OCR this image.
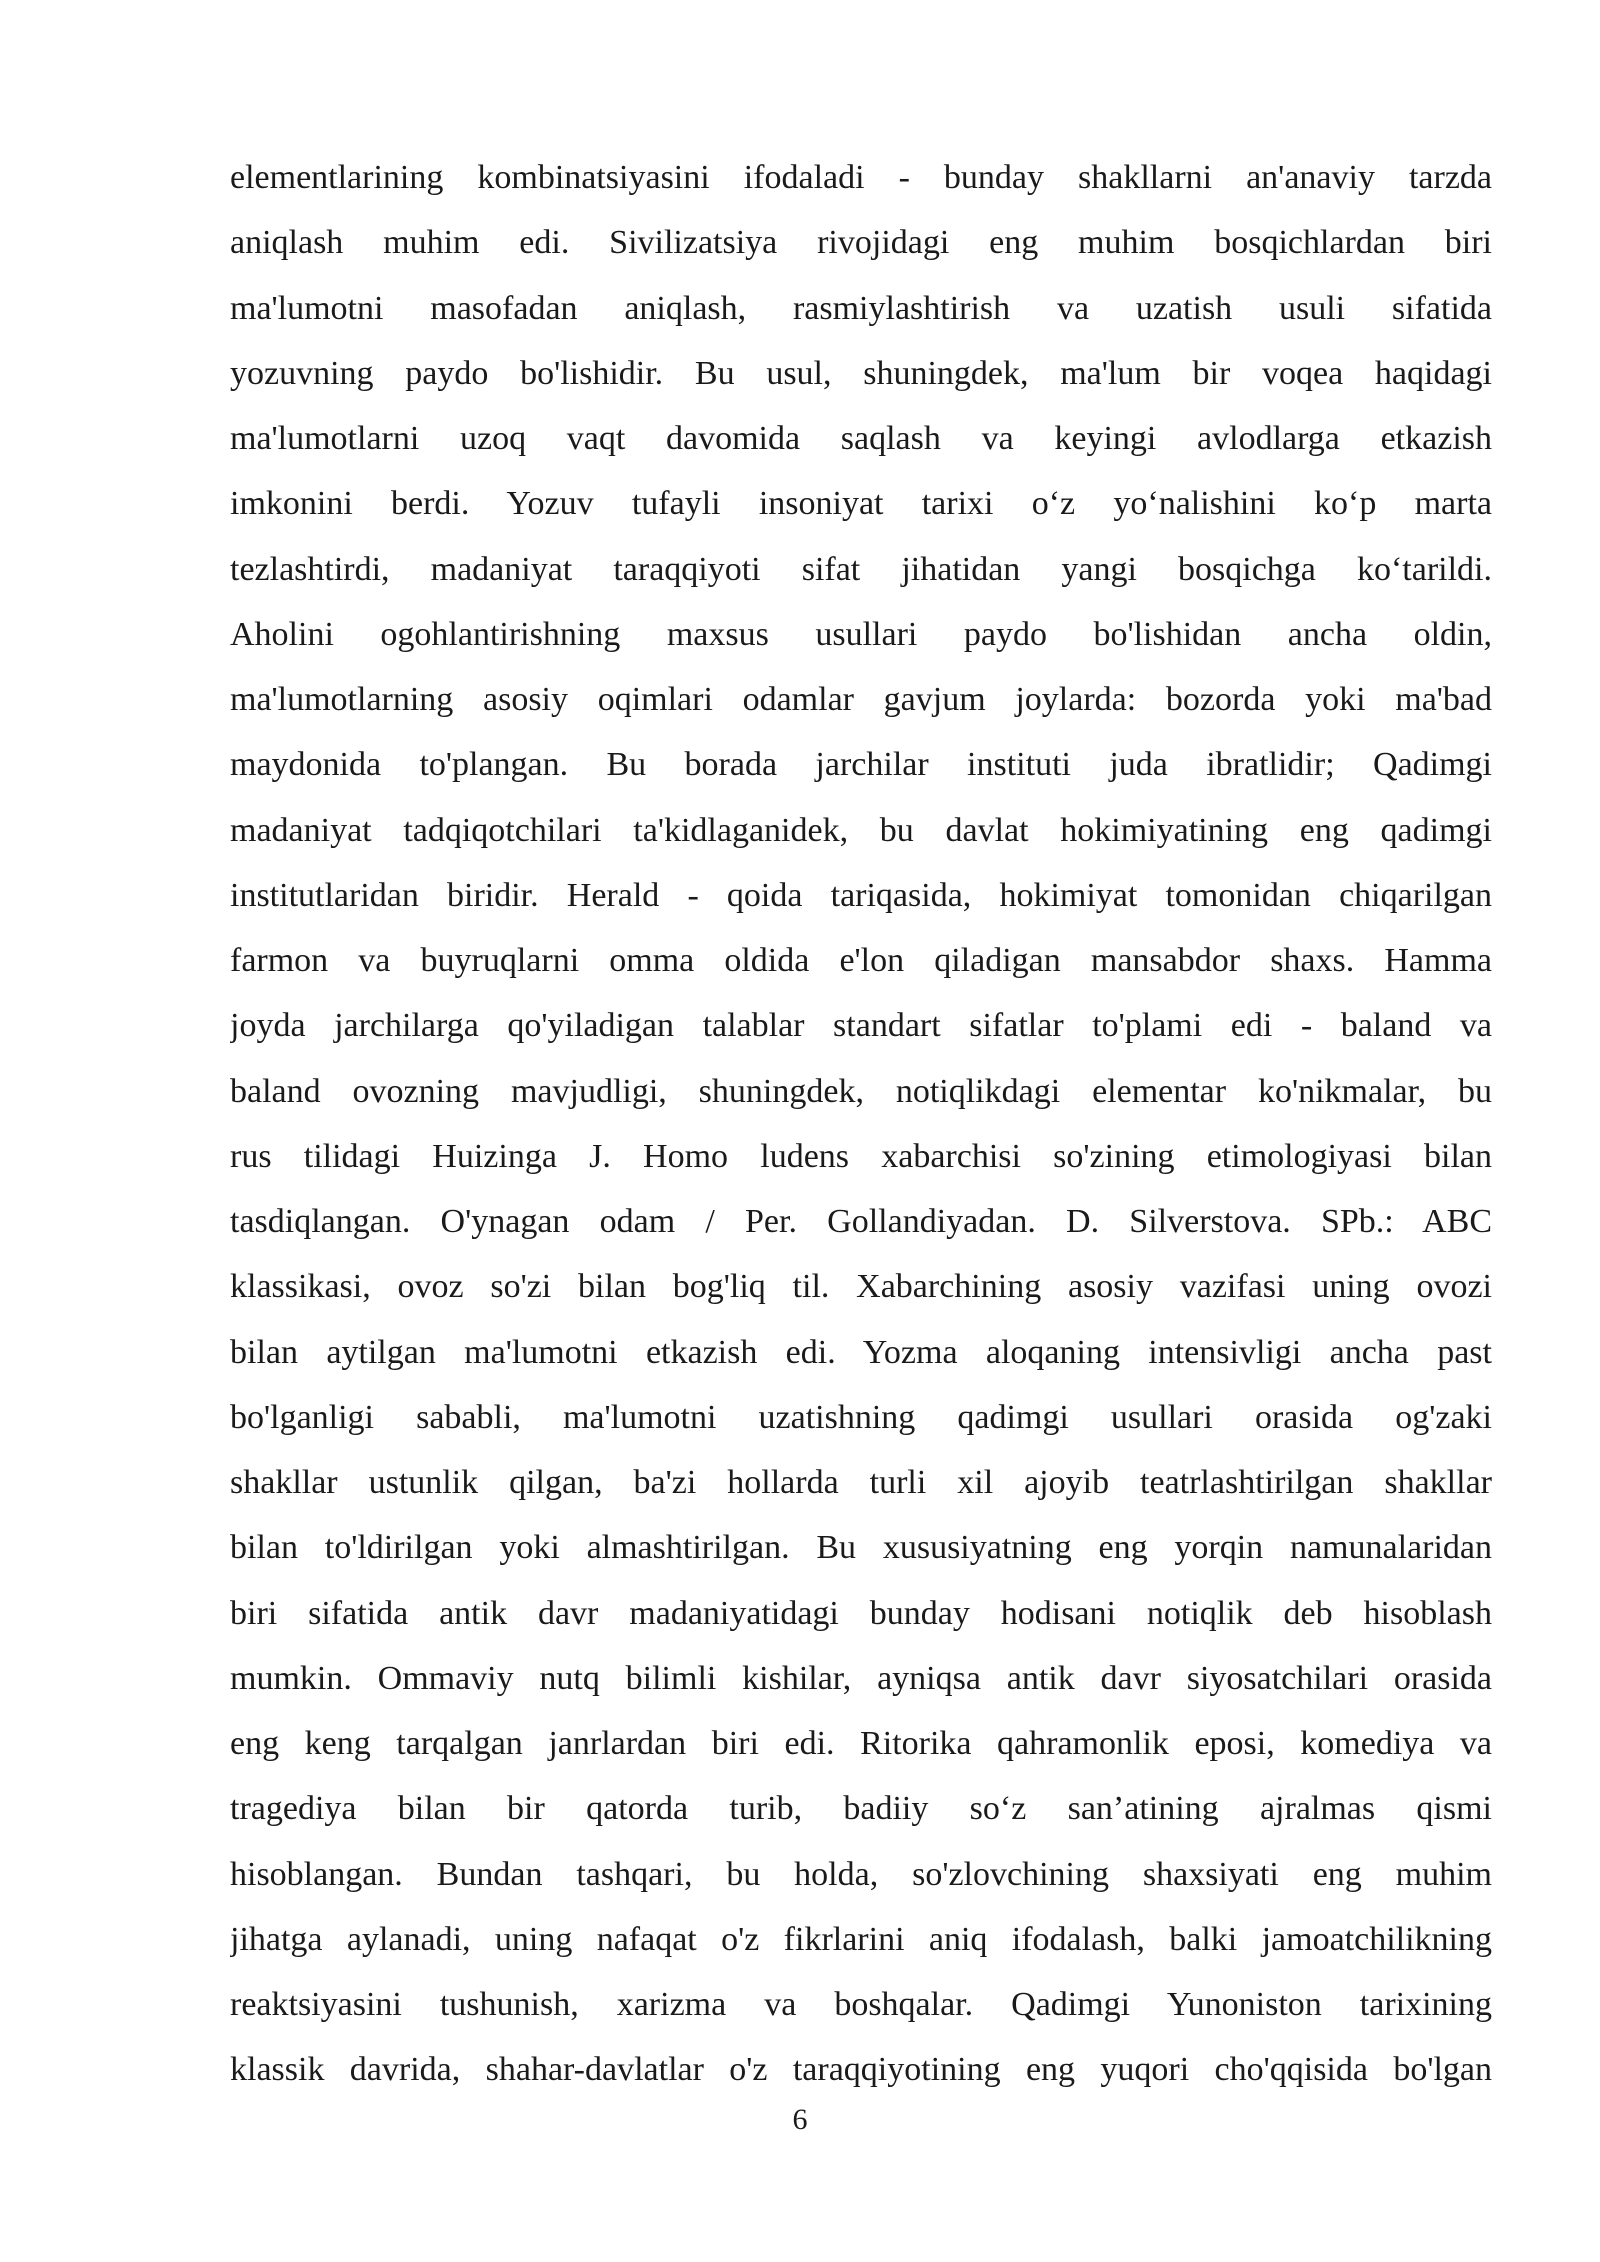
elementlarining kombinatsiyasini ifodaladi - bunday shakllarni an'anaviy tarzda
aniqlash muhim edi. Sivilizatsiya rivojidagi eng muhim bosqichlardan biri
ma'lumotni masofadan aniqlash, rasmiylashtirish va uzatish usuli sifatida
yozuvning paydo bo'lishidir. Bu usul, shuningdek, ma'lum bir voqea haqidagi
ma'lumotlarni uzoq vaqt davomida saqlash va keyingi avlodlarga etkazish
imkonini berdi. Yozuv tufayli insoniyat tarixi o‘z yo‘nalishini ko‘p marta
tezlashtirdi, madaniyat taraqqiyoti sifat jihatidan yangi bosqichga ko‘tarildi.
Aholini ogohlantirishning maxsus usullari paydo bo'lishidan ancha oldin,
ma'lumotlarning asosiy oqimlari odamlar gavjum joylarda: bozorda yoki ma'bad
maydonida to'plangan. Bu borada jarchilar instituti juda ibratlidir; Qadimgi
madaniyat tadqiqotchilari ta'kidlaganidek, bu davlat hokimiyatining eng qadimgi
institutlaridan biridir. Herald - qoida tariqasida, hokimiyat tomonidan chiqarilgan
farmon va buyruqlarni omma oldida e'lon qiladigan mansabdor shaxs. Hamma
joyda jarchilarga qo'yiladigan talablar standart sifatlar to'plami edi - baland va
baland ovozning mavjudligi, shuningdek, notiqlikdagi elementar ko'nikmalar, bu
rus tilidagi Huizinga J. Homo ludens xabarchisi so'zining etimologiyasi bilan
tasdiqlangan. O'ynagan odam / Per. Gollandiyadan. D. Silverstova. SPb.: ABC
klassikasi, ovoz so'zi bilan bog'liq til. Xabarchining asosiy vazifasi uning ovozi
bilan aytilgan ma'lumotni etkazish edi. Yozma aloqaning intensivligi ancha past
bo'lganligi sababli, ma'lumotni uzatishning qadimgi usullari orasida og'zaki
shakllar ustunlik qilgan, ba'zi hollarda turli xil ajoyib teatrlashtirilgan shakllar
bilan to'ldirilgan yoki almashtirilgan. Bu xususiyatning eng yorqin namunalaridan
biri sifatida antik davr madaniyatidagi bunday hodisani notiqlik deb hisoblash
mumkin. Ommaviy nutq bilimli kishilar, ayniqsa antik davr siyosatchilari orasida
eng keng tarqalgan janrlardan biri edi. Ritorika qahramonlik eposi, komediya va
tragediya bilan bir qatorda turib, badiiy so‘z san’atining ajralmas qismi
hisoblangan. Bundan tashqari, bu holda, so'zlovchining shaxsiyati eng muhim
jihatga aylanadi, uning nafaqat o'z fikrlarini aniq ifodalash, balki jamoatchilikning
reaktsiyasini tushunish, xarizma va boshqalar. Qadimgi Yunoniston tarixining
klassik davrida, shahar-davlatlar o'z taraqqiyotining eng yuqori cho'qqisida bo'lgan
6
